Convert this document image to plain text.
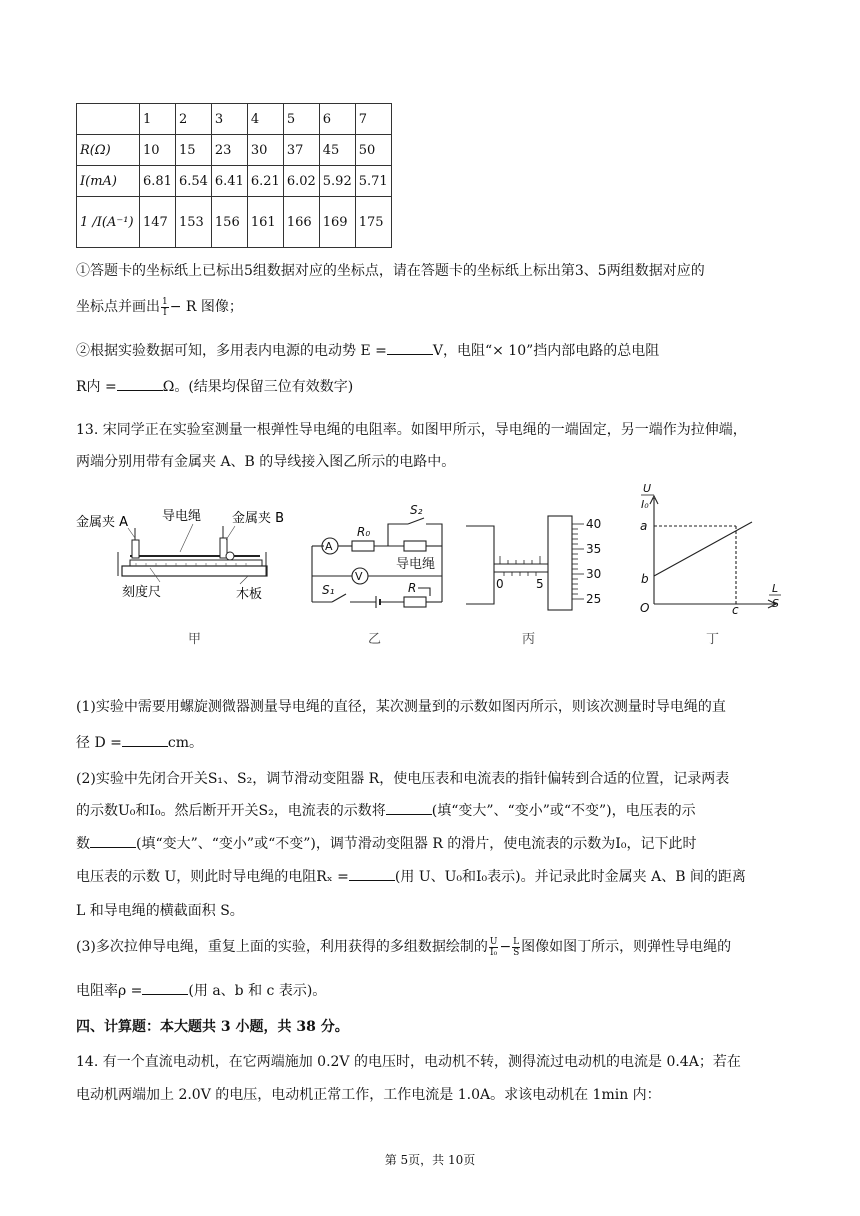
	1	2	3	4	5	6	7
R(Ω)	10	15	23	30	37	45	50
I(mA)	6.81	6.54	6.41	6.21	6.02	5.92	5.71
1 /I(A⁻¹)	147	153	156	161	166	169	175
①答题卡的坐标纸上已标出5组数据对应的坐标点，请在答题卡的坐标纸上标出第3、5两组数据对应的
坐标点并画出 $\frac{1}{I} - R$ 图像；
②根据实验数据可知，多用表内电源的电动势 E =	V，电阻“× 10”挡内部电路的总电阻
R内 =	Ω。(结果均保留三位有效数字)
13. 宋同学正在实验室测量一根弹性导电绳的电阻率。如图甲所示，导电绳的一端固定，另一端作为拉伸端，
两端分别用带有金属夹 A、B 的导线接入图乙所示的电路中。
金属夹 A	导电绳 金属夹 B
刻度尺	木板
A
V
R₀
S₂
导电绳
S₁	R
40
35
30
25
0	5
U
I₀
a
b
O	c
L
S
甲	乙	丙	丁
(1)实验中需要用螺旋测微器测量导电绳的直径，某次测量到的示数如图丙所示，则该次测量时导电绳的直
径 D =	cm。
(2)实验中先闭合开关S₁、S₂，调节滑动变阻器 R，使电压表和电流表的指针偏转到合适的位置，记录两表
的示数U₀和I₀。然后断开开关S₂，电流表的示数将	(填“变大”、“变小”或“不变”)，电压表的示
数	(填“变大”、“变小”或“不变”)，调节滑动变阻器 R 的滑片，使电流表的示数为I₀，记下此时
电压表的示数 U，则此时导电绳的电阻Rₓ =	(用 U、U₀和I₀表示)。并记录此时金属夹 A、B 间的距离
L 和导电绳的横截面积 S。
(3)多次拉伸导电绳，重复上面的实验，利用获得的多组数据绘制的 $\frac{U}{\text{I₀}} - \frac{L}{S}$ 图像如图丁所示，则弹性导电绳的
电阻率ρ =	(用 a、b 和 c 表示)。
四、计算题：本大题共 3 小题，共 38 分。
14. 有一个直流电动机，在它两端施加 0.2V 的电压时，电动机不转，测得流过电动机的电流是 0.4A；若在
电动机两端加上 2.0V 的电压，电动机正常工作，工作电流是 1.0A。求该电动机在 1min 内：
第 5页，共 10页
